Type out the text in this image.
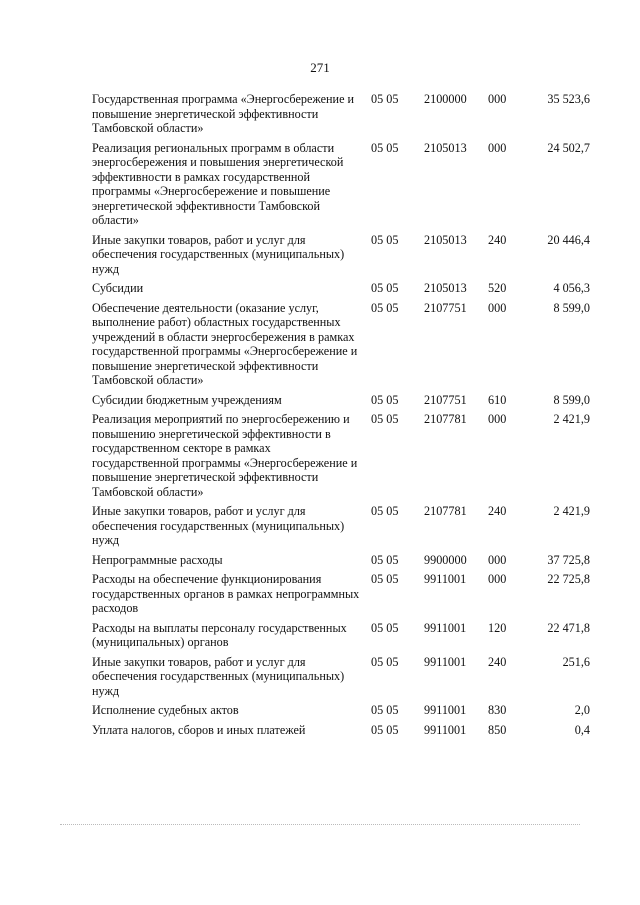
271
Государственная программа «Энергосбережение и повышение энергетической эффективности Тамбовской области»
05 05 2100000 000	35 523,6
Реализация региональных программ в области энергосбережения и повышения энергетической эффективности в рамках государственной программы «Энергосбережение и повышение энергетической эффективности Тамбовской области»
05 05 2105013 000	24 502,7
Иные закупки товаров, работ и услуг для обеспечения государственных (муниципальных) нужд
05 05 2105013 240	20 446,4
Субсидии	05 05 2105013 520	4 056,3
Обеспечение деятельности (оказание услуг, выполнение работ) областных государственных учреждений в области энергосбережения в рамках государственной программы «Энергосбережение и повышение энергетической эффективности Тамбовской области»
05 05 2107751 000	8 599,0
Субсидии бюджетным учреждениям	05 05 2107751 610	8 599,0
Реализация мероприятий по энергосбережению и повышению энергетической эффективности в государственном секторе в рамках государственной программы «Энергосбережение и повышение энергетической эффективности Тамбовской области»
05 05 2107781 000	2 421,9
Иные закупки товаров, работ и услуг для обеспечения государственных (муниципальных) нужд
05 05 2107781 240	2 421,9
Непрограммные расходы	05 05 9900000 000	37 725,8
Расходы на обеспечение функционирования государственных органов в рамках непрограммных расходов
05 05 9911001 000	22 725,8
Расходы на выплаты персоналу государственных (муниципальных) органов
05 05 9911001 120	22 471,8
Иные закупки товаров, работ и услуг для обеспечения государственных (муниципальных) нужд
05 05 9911001 240	251,6
Исполнение судебных актов	05 05 9911001 830	2,0
Уплата налогов, сборов и иных платежей	05 05 9911001 850	0,4
